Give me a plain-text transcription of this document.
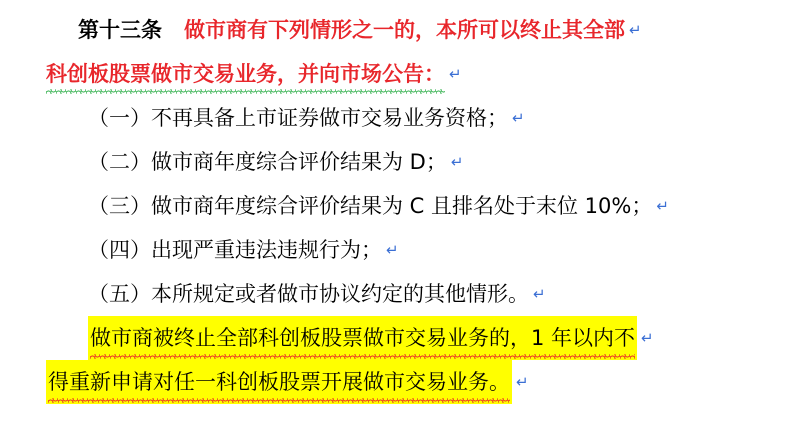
第十三条 做市商有下列情形之一的，本所可以终止其全部 ↵
科创板股票做市交易业务，并向市场公告： ↵
（一）不再具备上市证券做市交易业务资格； ↵
（二）做市商年度综合评价结果为 D； ↵
（三）做市商年度综合评价结果为 C 且排名处于末位 10%； ↵
（四）出现严重违法违规行为； ↵
（五）本所规定或者做市协议约定的其他情形。 ↵
做市商被终止全部科创板股票做市交易业务的，1 年以内不 ↵
得重新申请对任一科创板股票开展做市交易业务。 ↵
